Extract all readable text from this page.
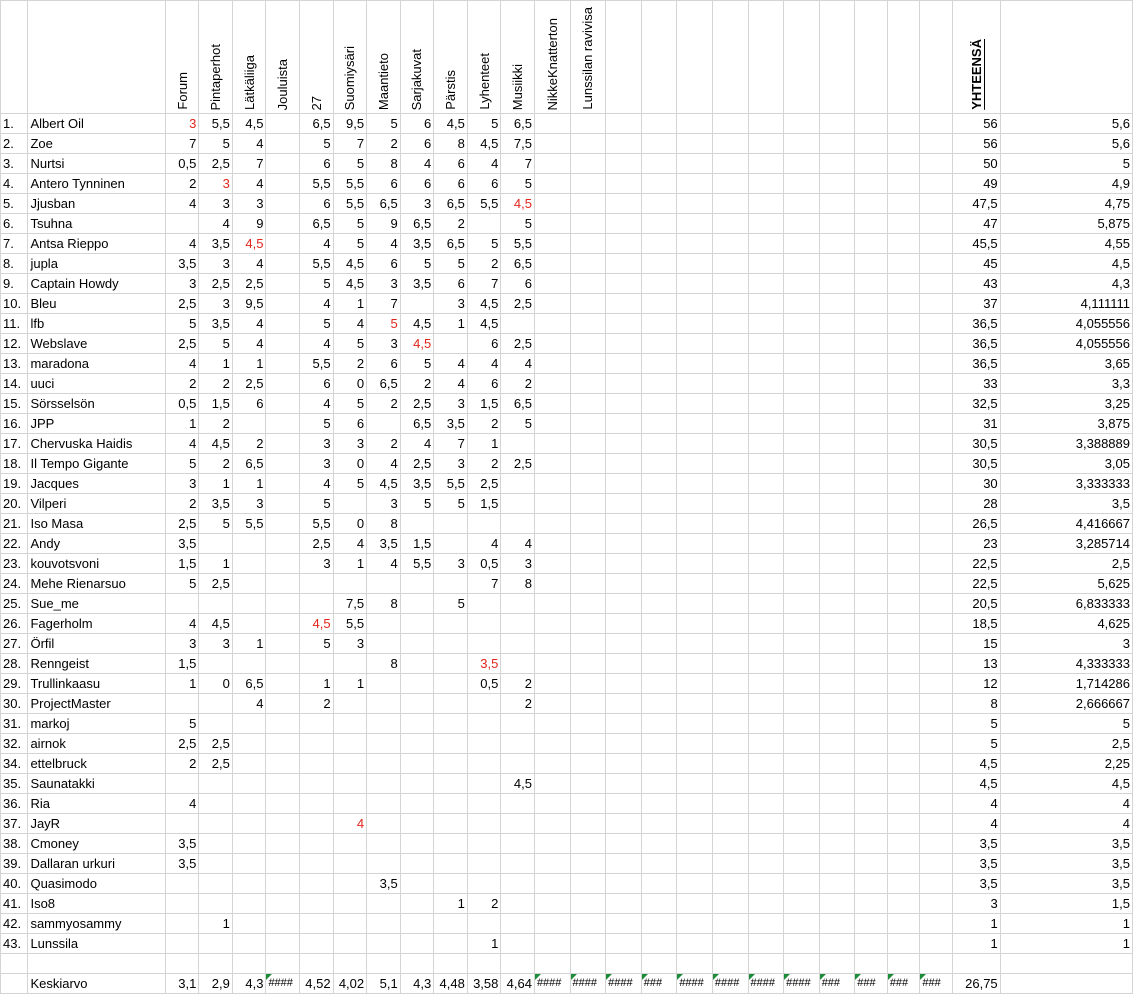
		Forum	Pintaperhot	Lätkäliiga	Jouluista	27	Suomiysäri	Maantieto	Sarjakuvat	Pärstis	Lyhenteet	Musiikki	NikkeKnatterton	Lunssilan ravivisa											YHTEENSÄ	

1.	Albert Oil	3	5,5	4,5		6,5	9,5	5	6	4,5	5	6,5													56	5,6
2.	Zoe	7	5	4		5	7	2	6	8	4,5	7,5													56	5,6
3.	Nurtsi	0,5	2,5	7		6	5	8	4	6	4	7													50	5
4.	Antero Tynninen	2	3	4		5,5	5,5	6	6	6	6	5													49	4,9
5.	Jjusban	4	3	3		6	5,5	6,5	3	6,5	5,5	4,5													47,5	4,75
6.	Tsuhna		4	9		6,5	5	9	6,5	2		5													47	5,875
7.	Antsa Rieppo	4	3,5	4,5		4	5	4	3,5	6,5	5	5,5													45,5	4,55
8.	jupla	3,5	3	4		5,5	4,5	6	5	5	2	6,5													45	4,5
9.	Captain Howdy	3	2,5	2,5		5	4,5	3	3,5	6	7	6													43	4,3
10.	Bleu	2,5	3	9,5		4	1	7		3	4,5	2,5													37	4,111111
11.	lfb	5	3,5	4		5	4	5	4,5	1	4,5														36,5	4,055556
12.	Webslave	2,5	5	4		4	5	3	4,5		6	2,5													36,5	4,055556
13.	maradona	4	1	1		5,5	2	6	5	4	4	4													36,5	3,65
14.	uuci	2	2	2,5		6	0	6,5	2	4	6	2													33	3,3
15.	Sörsselsön	0,5	1,5	6		4	5	2	2,5	3	1,5	6,5													32,5	3,25
16.	JPP	1	2			5	6		6,5	3,5	2	5													31	3,875
17.	Chervuska Haidis	4	4,5	2		3	3	2	4	7	1														30,5	3,388889
18.	Il Tempo Gigante	5	2	6,5		3	0	4	2,5	3	2	2,5													30,5	3,05
19.	Jacques	3	1	1		4	5	4,5	3,5	5,5	2,5														30	3,333333
20.	Vilperi	2	3,5	3		5		3	5	5	1,5														28	3,5
21.	Iso Masa	2,5	5	5,5		5,5	0	8																	26,5	4,416667
22.	Andy	3,5				2,5	4	3,5	1,5		4	4													23	3,285714
23.	kouvotsvoni	1,5	1			3	1	4	5,5	3	0,5	3													22,5	2,5
24.	Mehe Rienarsuo	5	2,5								7	8													22,5	5,625
25.	Sue_me						7,5	8		5															20,5	6,833333
26.	Fagerholm	4	4,5			4,5	5,5																		18,5	4,625
27.	Örfil	3	3	1		5	3																		15	3
28.	Renngeist	1,5						8			3,5														13	4,333333
29.	Trullinkaasu	1	0	6,5		1	1				0,5	2													12	1,714286
30.	ProjectMaster			4		2						2													8	2,666667
31.	markoj	5																							5	5
32.	airnok	2,5	2,5																						5	2,5
34.	ettelbruck	2	2,5																						4,5	2,25
35.	Saunatakki											4,5													4,5	4,5
36.	Ria	4																							4	4
37.	JayR						4																		4	4
38.	Cmoney	3,5																							3,5	3,5
39.	Dallaran urkuri	3,5																							3,5	3,5
40.	Quasimodo							3,5																	3,5	3,5
41.	Iso8									1	2														3	1,5
42.	sammyosammy		1																						1	1
43.	Lunssila										1														1	1

	Keskiarvo	3,1	2,9	4,3	####	4,52	4,02	5,1	4,3	4,48	3,58	4,64	####	####	####	###	####	####	####	####	###	###	###	###	26,75	
